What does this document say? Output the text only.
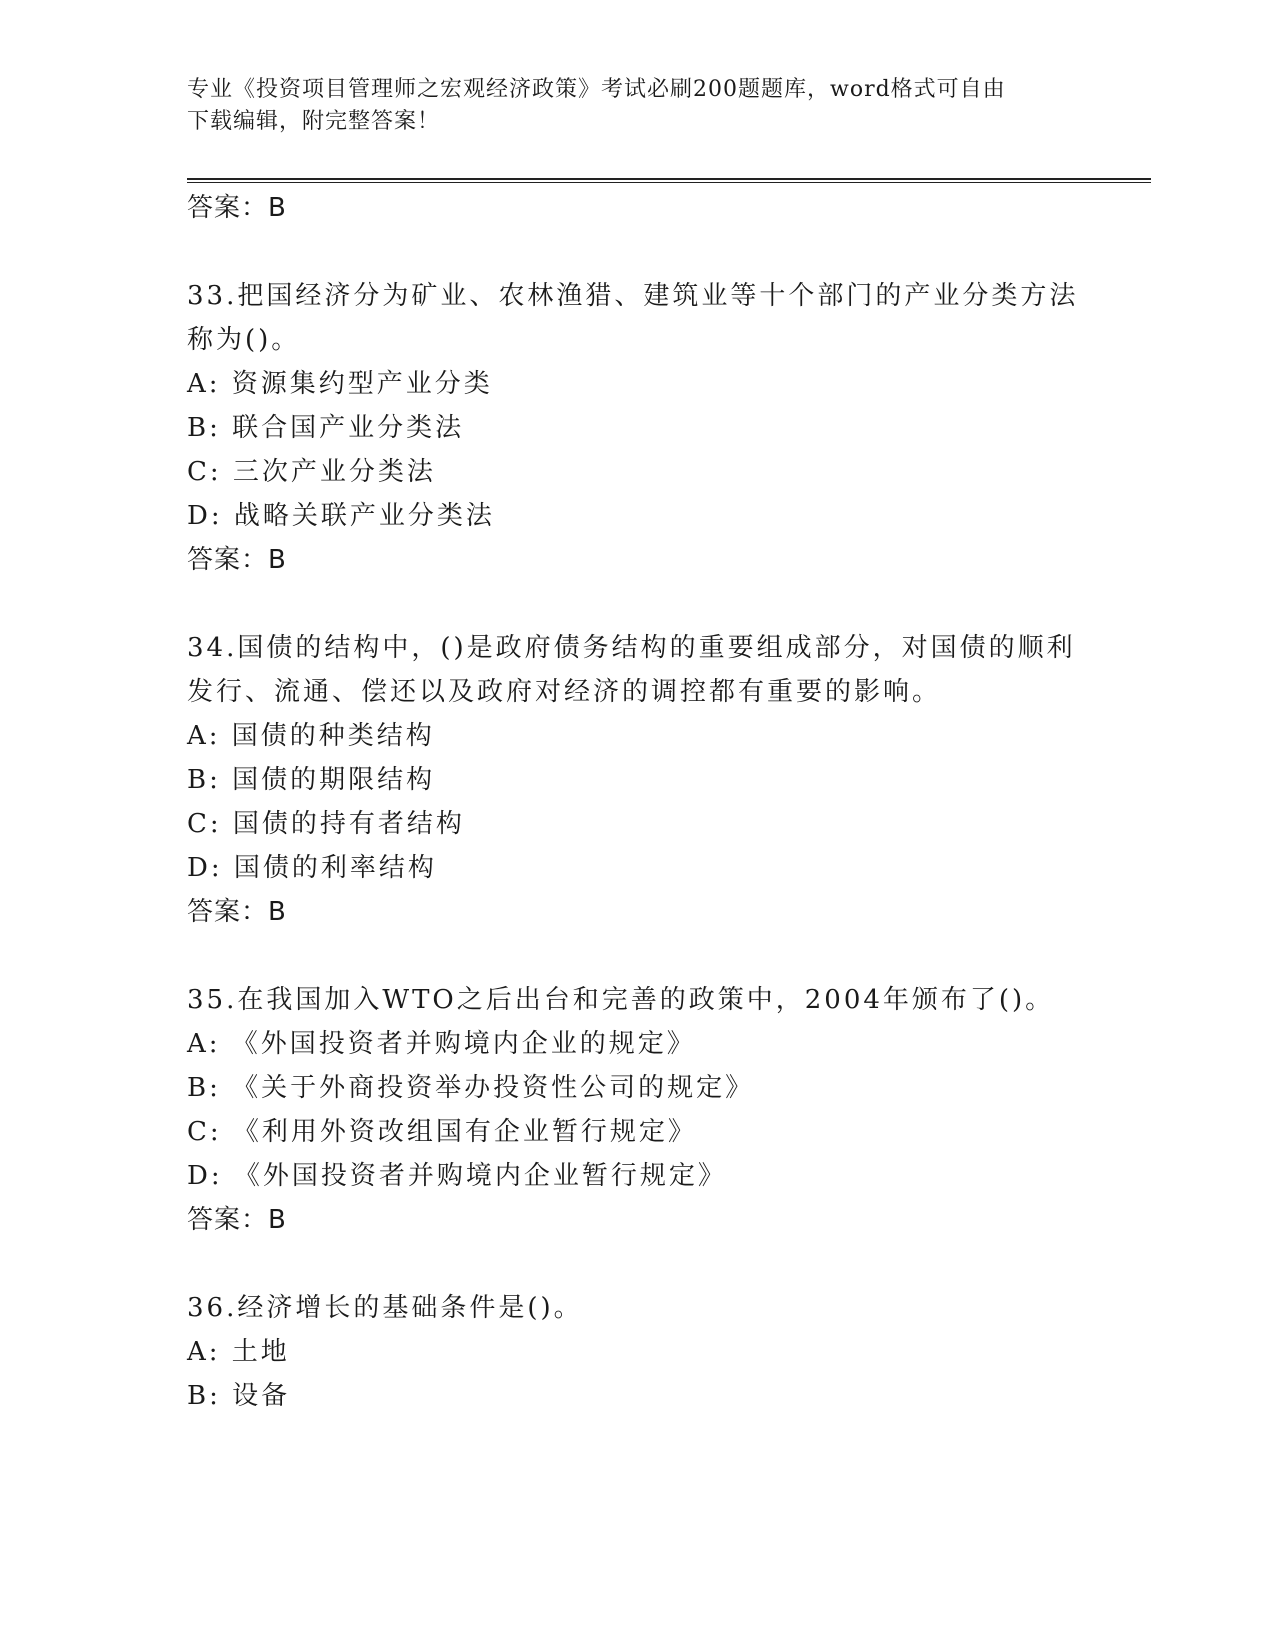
专业《投资项目管理师之宏观经济政策》考试必刷200题题库，word格式可自由
下载编辑，附完整答案！
答案：B
33.把国经济分为矿业、农林渔猎、建筑业等十个部门的产业分类方法
称为()。
A: 资源集约型产业分类
B: 联合国产业分类法
C: 三次产业分类法
D: 战略关联产业分类法
答案：B
34.国债的结构中，()是政府债务结构的重要组成部分，对国债的顺利
发行、流通、偿还以及政府对经济的调控都有重要的影响。
A: 国债的种类结构
B: 国债的期限结构
C: 国债的持有者结构
D: 国债的利率结构
答案：B
35.在我国加入WTO之后出台和完善的政策中，2004年颁布了()。
A: 《外国投资者并购境内企业的规定》
B: 《关于外商投资举办投资性公司的规定》
C: 《利用外资改组国有企业暂行规定》
D: 《外国投资者并购境内企业暂行规定》
答案：B
36.经济增长的基础条件是()。
A: 土地
B: 设备
